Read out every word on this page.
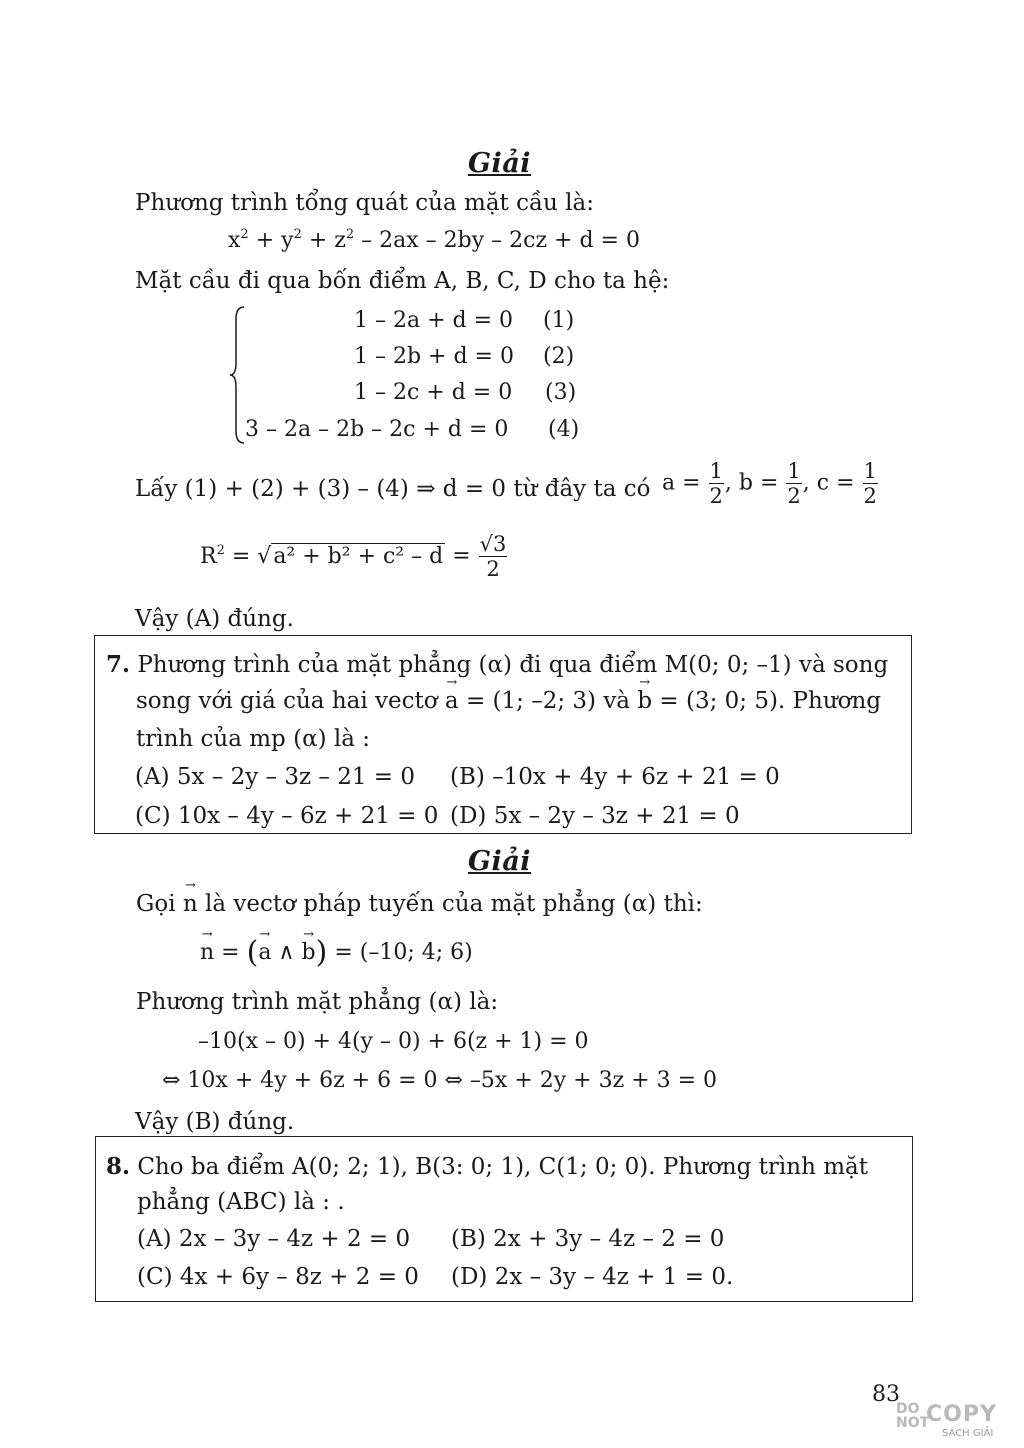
Giải
Phương trình tổng quát của mặt cầu là:
$x^2 + y^2 + z^2 - 2ax - 2by - 2cz + d = 0$
Mặt cầu đi qua bốn điểm A, B, C, D cho ta hệ:
1 – 2a + d = 0 (1)
1 – 2b + d = 0 (2)
1 – 2c + d = 0 (3)
3 – 2a – 2b – 2c + d = 0 (4)
Lấy (1) + (2) + (3) – (4) ⇒ d = 0 từ đây ta có $a = \frac{1}{2}$ , $b = \frac{1}{2}$ , $c = \frac{1}{2}$
$R^2 = √a^2 + b^2 + c^2 - d = \frac{√3}{2}$
Vậy (A) đúng.
7. Phương trình của mặt phẳng (α) đi qua điểm M(0; 0; –1) và song
song với giá của hai vectơ → a = (1; –2; 3) và → b = (3; 0; 5). Phương
trình của mp (α) là :
(A) 5x – 2y – 3z – 21 = 0 (B) –10x + 4y + 6z + 21 = 0
(C) 10x – 4y – 6z + 21 = 0 (D) 5x – 2y – 3z + 21 = 0
Giải
Gọi → n là vectơ pháp tuyến của mặt phẳng (α) thì:
→ n = (→ a ∧ → b) = (–10; 4; 6)
Phương trình mặt phẳng (α) là:
–10(x – 0) + 4(y – 0) + 6(z + 1) = 0
⇔ 10x + 4y + 6z + 6 = 0 ⇔ –5x + 2y + 3z + 3 = 0
Vậy (B) đúng.
8. Cho ba điểm A(0; 2; 1), B(3: 0; 1), C(1; 0; 0). Phương trình mặt
phẳng (ABC) là : .
(A) 2x – 3y – 4z + 2 = 0 (B) 2x + 3y – 4z – 2 = 0
(C) 4x + 6y – 8z + 2 = 0 (D) 2x – 3y – 4z + 1 = 0.
83
DO
NOT
COPY
SÁCH GIẢI
